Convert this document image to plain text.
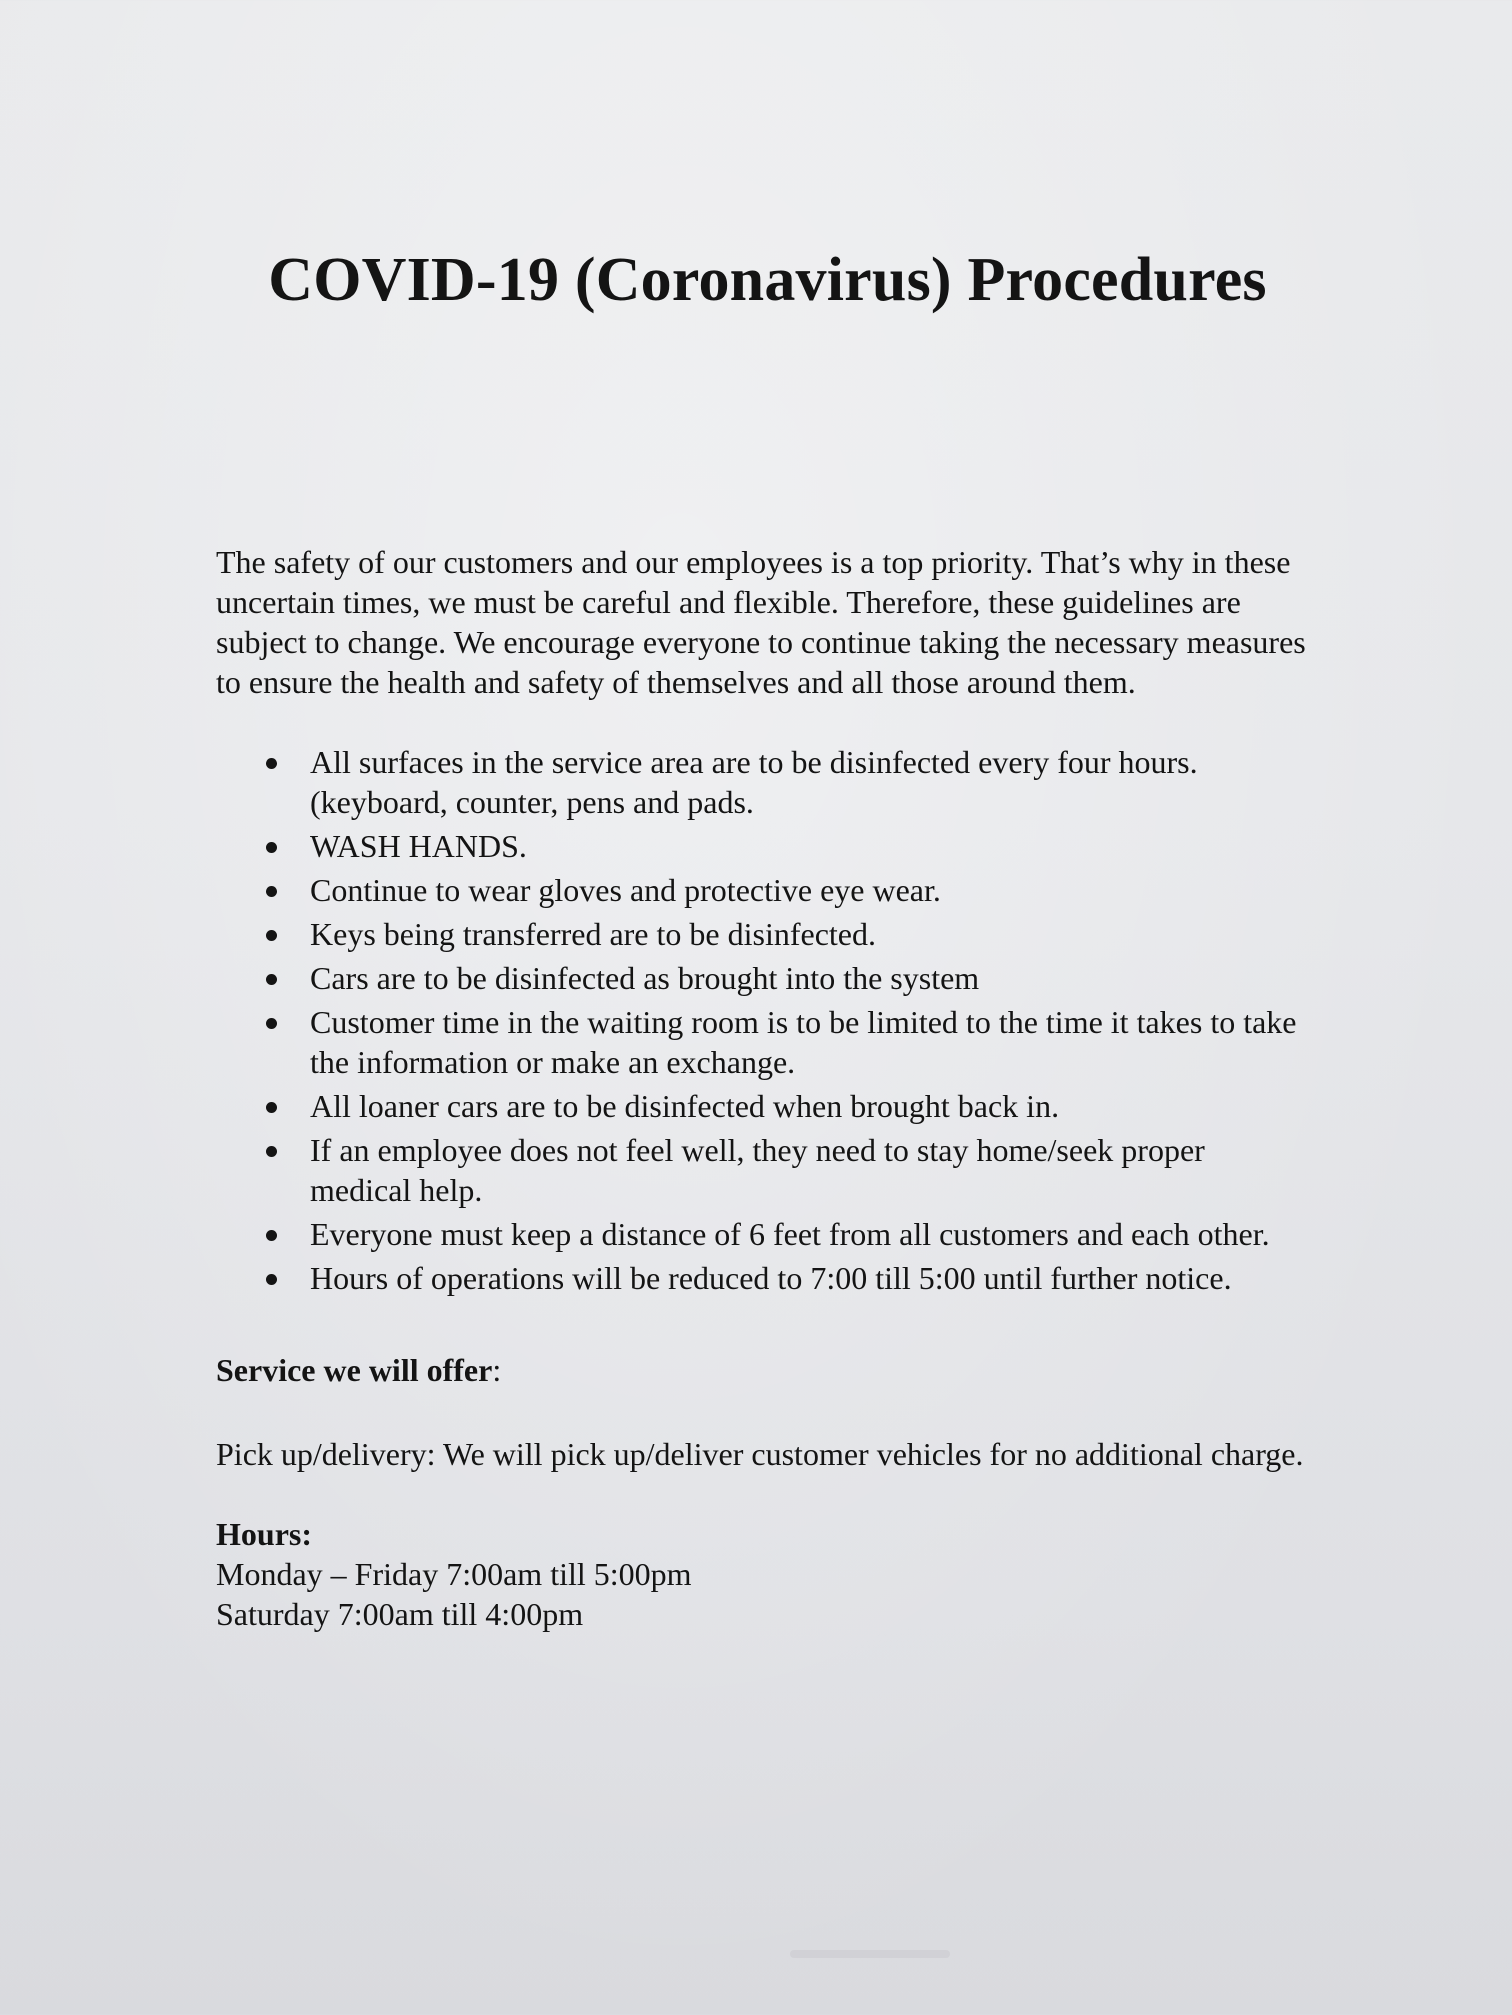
COVID-19 (Coronavirus) Procedures

The safety of our customers and our employees is a top priority. That’s why in these uncertain times, we must be careful and flexible. Therefore, these guidelines are subject to change. We encourage everyone to continue taking the necessary measures to ensure the health and safety of themselves and all those around them.

All surfaces in the service area are to be disinfected every four hours. (keyboard, counter, pens and pads.
WASH HANDS.
Continue to wear gloves and protective eye wear.
Keys being transferred are to be disinfected.
Cars are to be disinfected as brought into the system
Customer time in the waiting room is to be limited to the time it takes to take the information or make an exchange.
All loaner cars are to be disinfected when brought back in.
If an employee does not feel well, they need to stay home/seek proper medical help.
Everyone must keep a distance of 6 feet from all customers and each other.
Hours of operations will be reduced to 7:00 till 5:00 until further notice.

Service we will offer:

Pick up/delivery: We will pick up/deliver customer vehicles for no additional charge.

Hours:

Monday – Friday 7:00am till 5:00pm

Saturday 7:00am till 4:00pm
